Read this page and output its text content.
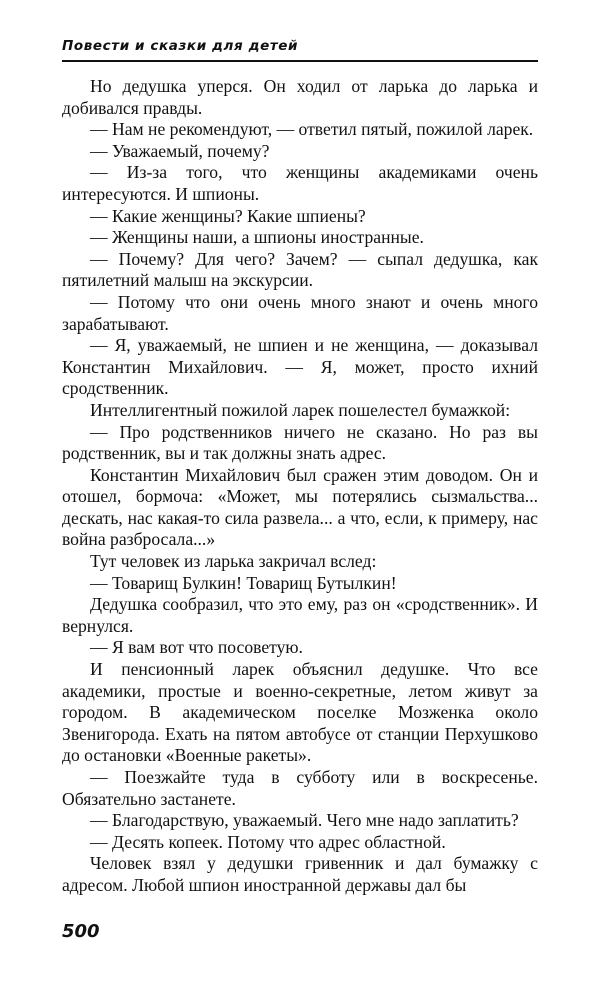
Повести и сказки для детей

Но дедушка уперся. Он ходил от ларька до ларька и добивался правды.

— Нам не рекомендуют, — ответил пятый, пожилой ларек.

— Уважаемый, почему?

— Из-за того, что женщины академиками очень интересуются. И шпионы.

— Какие женщины? Какие шпиены?

— Женщины наши, а шпионы иностранные.

— Почему? Для чего? Зачем? — сыпал дедушка, как пятилетний малыш на экскурсии.

— Потому что они очень много знают и очень много зарабатывают.

— Я, уважаемый, не шпиен и не женщина, — доказывал Константин Михайлович. — Я, может, просто ихний сродственник.

Интеллигентный пожилой ларек пошелестел бумажкой:

— Про родственников ничего не сказано. Но раз вы родственник, вы и так должны знать адрес.

Константин Михайлович был сражен этим доводом. Он и отошел, бормоча: «Может, мы потерялись сызмальства... дескать, нас какая-то сила развела... а что, если, к примеру, нас война разбросала...»

Тут человек из ларька закричал вслед:

— Товарищ Булкин! Товарищ Бутылкин!

Дедушка сообразил, что это ему, раз он «сродственник». И вернулся.

— Я вам вот что посоветую.

И пенсионный ларек объяснил дедушке. Что все академики, простые и военно-секретные, летом живут за городом. В академическом поселке Мозженка около Звенигорода. Ехать на пятом автобусе от станции Перхушково до остановки «Военные ракеты».

— Поезжайте туда в субботу или в воскресенье. Обязательно застанете.

— Благодарствую, уважаемый. Чего мне надо заплатить?

— Десять копеек. Потому что адрес областной.

Человек взял у дедушки гривенник и дал бумажку с адресом. Любой шпион иностранной державы дал бы

500
